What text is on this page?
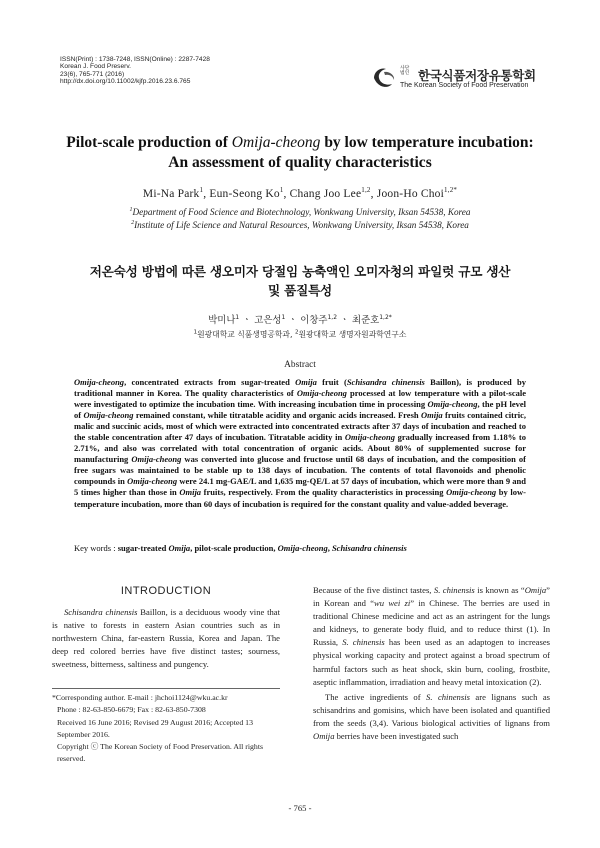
ISSN(Print) : 1738-7248, ISSN(Online) : 2287-7428
Korean J. Food Preserv.
23(6), 765-771 (2016)
http://dx.doi.org/10.11002/kjfp.2016.23.6.765
사단
법인 한국식품저장유통학회
The Korean Society of Food Preservation
Pilot-scale production of Omija-cheong by low temperature incubation:
An assessment of quality characteristics
Mi-Na Park$^1$, Eun-Seong Ko$^1$, Chang Joo Lee$^{1,2}$, Joon-Ho Choi$^{1,2*}$
$^1$Department of Food Science and Biotechnology, Wonkwang University, Iksan 54538, Korea
$^2$Institute of Life Science and Natural Resources, Wonkwang University, Iksan 54538, Korea
저온숙성 방법에 따른 생오미자 당절임 농축액인 오미자청의 파일럿 규모 생산
및 품질특성
박미나$^1$ ㆍ 고은성$^1$ ㆍ 이창주$^{1,2}$ ㆍ 최준호$^{1,2*}$
$^1$원광대학교 식품생명공학과, $^2$원광대학교 생명자원과학연구소
Abstract
Omija-cheong, concentrated extracts from sugar-treated Omija fruit (Schisandra chinensis Baillon), is produced by traditional manner in Korea. The quality characteristics of Omija-cheong processed at low temperature with a pilot-scale were investigated to optimize the incubation time. With increasing incubation time in processing Omija-cheong, the pH level of Omija-cheong remained constant, while titratable acidity and organic acids increased. Fresh Omija fruits contained citric, malic and succinic acids, most of which were extracted into concentrated extracts after 37 days of incubation and reached to the stable concentration after 47 days of incubation. Titratable acidity in Omija-cheong gradually increased from 1.18% to 2.71%, and also was correlated with total concentration of organic acids. About 80% of supplemented sucrose for manufacturing Omija-cheong was converted into glucose and fructose until 68 days of incubation, and the composition of free sugars was maintained to be stable up to 138 days of incubation. The contents of total flavonoids and phenolic compounds in Omija-cheong were 24.1 mg-GAE/L and 1,635 mg-QE/L at 57 days of incubation, which were more than 9 and 5 times higher than those in Omija fruits, respectively. From the quality characteristics in processing Omija-cheong by low-temperature incubation, more than 60 days of incubation is required for the constant quality and value-added beverage.
Key words : sugar-treated Omija, pilot-scale production, Omija-cheong, Schisandra chinensis
INTRODUCTION

Schisandra chinensis Baillon, is a deciduous woody vine that is native to forests in eastern Asian countries such as in northwestern China, far-eastern Russia, Korea and Japan. The deep red colored berries have five distinct tastes; sourness, sweetness, bitterness, saltiness and pungency.

*Corresponding author. E-mail : jhchoi1124@wku.ac.kr

Phone : 82-63-850-6679; Fax : 82-63-850-7308

Received 16 June 2016; Revised 29 August 2016; Accepted 13 September 2016.

Copyright ⓒ The Korean Society of Food Preservation. All rights reserved.

Because of the five distinct tastes, S. chinensis is known as “Omija” in Korean and “wu wei zi” in Chinese. The berries are used in traditional Chinese medicine and act as an astringent for the lungs and kidneys, to generate body fluid, and to reduce thirst (1). In Russia, S. chinensis has been used as an adaptogen to increases physical working capacity and protect against a broad spectrum of harmful factors such as heat shock, skin burn, cooling, frostbite, aseptic inflammation, irradiation and heavy metal intoxication (2).

The active ingredients of S. chinensis are lignans such as schisandrins and gomisins, which have been isolated and quantified from the seeds (3,4). Various biological activities of lignans from Omija berries have been investigated such

- 765 -
